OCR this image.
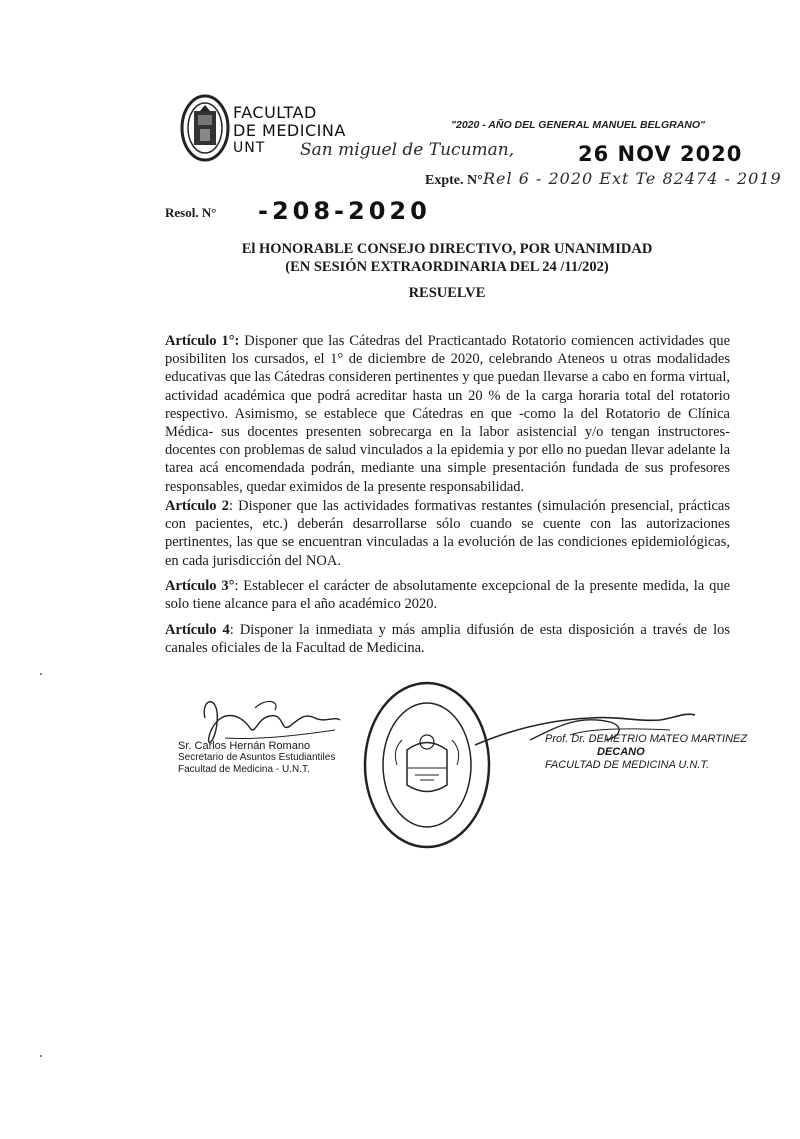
FACULTAD
DE MEDICINA
UNT
"2020 - AÑO DEL GENERAL MANUEL BELGRANO"
San miguel de Tucuman,	26 NOV 2020
Expte. N° Rel 6 - 2020 Ext Te 82474 - 2019
Resol. N° -208-2020
El HONORABLE CONSEJO DIRECTIVO, POR UNANIMIDAD
(EN SESIÓN EXTRAORDINARIA DEL 24 /11/202)
RESUELVE

Artículo 1°: Disponer que las Cátedras del Practicantado Rotatorio comiencen actividades que posibiliten los cursados, el 1° de diciembre de 2020, celebrando Ateneos u otras modalidades educativas que las Cátedras consideren pertinentes y que puedan llevarse a cabo en forma virtual, actividad académica que podrá acreditar hasta un 20 % de la carga horaria total del rotatorio respectivo. Asimismo, se establece que Cátedras en que -como la del Rotatorio de Clínica Médica- sus docentes presenten sobrecarga en la labor asistencial y/o tengan instructores-docentes con problemas de salud vinculados a la epidemia y por ello no puedan llevar adelante la tarea acá encomendada podrán, mediante una simple presentación fundada de sus profesores responsables, quedar eximidos de la presente responsabilidad.

Artículo 2: Disponer que las actividades formativas restantes (simulación presencial, prácticas con pacientes, etc.) deberán desarrollarse sólo cuando se cuente con las autorizaciones pertinentes, las que se encuentran vinculadas a la evolución de las condiciones epidemiológicas, en cada jurisdicción del NOA.

Artículo 3°: Establecer el carácter de absolutamente excepcional de la presente medida, la que solo tiene alcance para el año académico 2020.

Artículo 4: Disponer la inmediata y más amplia difusión de esta disposición a través de los canales oficiales de la Facultad de Medicina.

Sr. Carlos Hernán Romano
Secretario de Asuntos Estudiantiles
Facultad de Medicina - U.N.T.
Prof. Dr. DEMETRIO MATEO MARTINEZ
DECANO
FACULTAD DE MEDICINA U.N.T.
